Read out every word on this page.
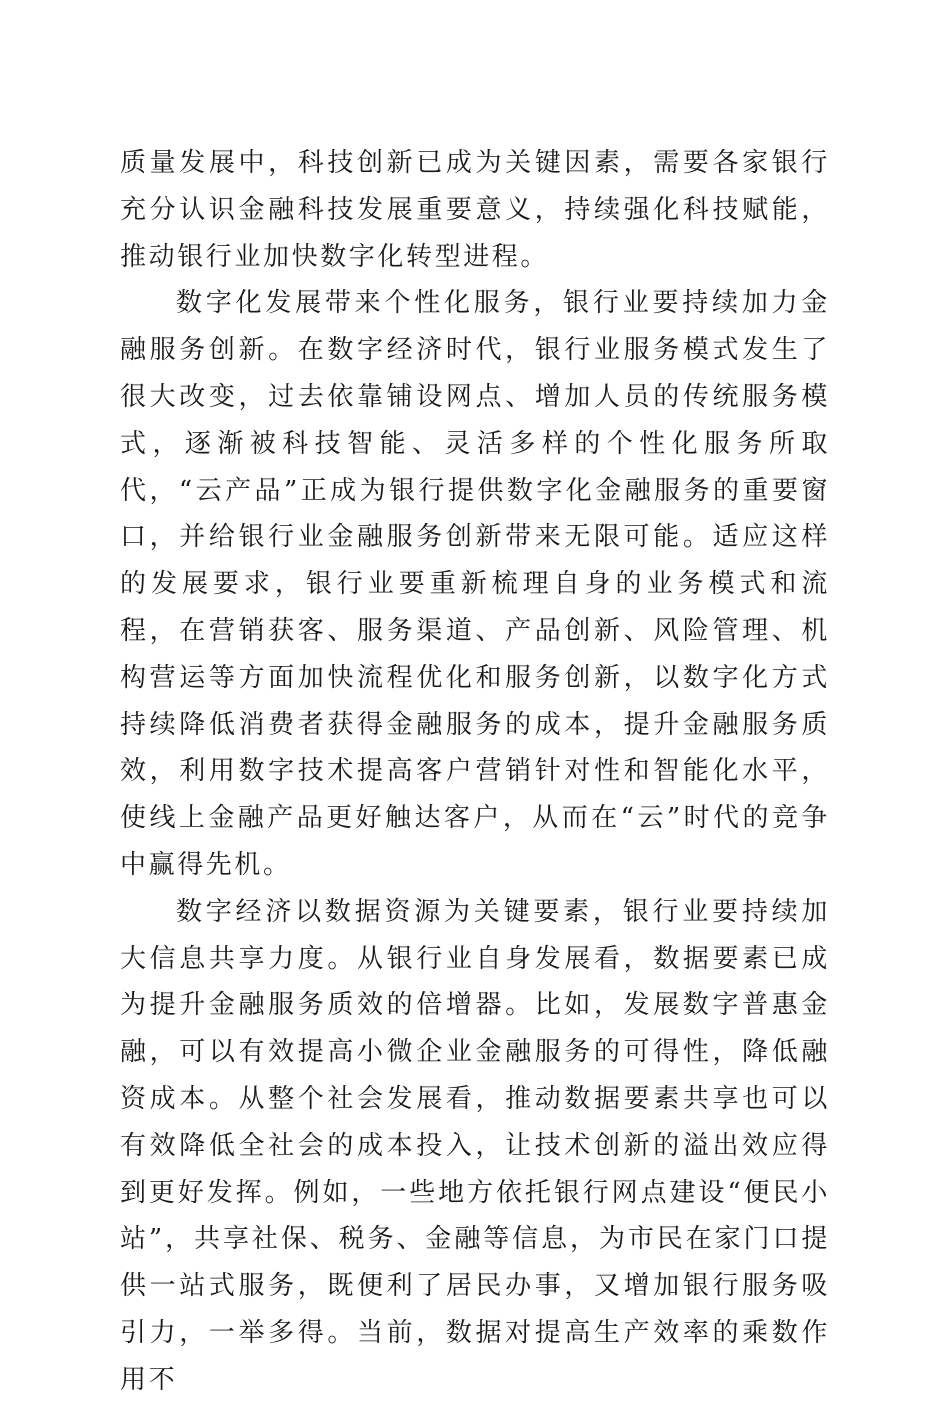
质量发展中，科技创新已成为关键因素，需要各家银行充分认识金融科技发展重要意义，持续强化科技赋能，推动银行业加快数字化转型进程。

数字化发展带来个性化服务，银行业要持续加力金融服务创新。在数字经济时代，银行业服务模式发生了很大改变，过去依靠铺设网点、增加人员的传统服务模式，逐渐被科技智能、灵活多样的个性化服务所取代，“云产品”正成为银行提供数字化金融服务的重要窗口，并给银行业金融服务创新带来无限可能。适应这样的发展要求，银行业要重新梳理自身的业务模式和流程，在营销获客、服务渠道、产品创新、风险管理、机构营运等方面加快流程优化和服务创新，以数字化方式持续降低消费者获得金融服务的成本，提升金融服务质效，利用数字技术提高客户营销针对性和智能化水平，使线上金融产品更好触达客户，从而在“云”时代的竞争中赢得先机。

数字经济以数据资源为关键要素，银行业要持续加大信息共享力度。从银行业自身发展看，数据要素已成为提升金融服务质效的倍增器。比如，发展数字普惠金融，可以有效提高小微企业金融服务的可得性，降低融资成本。从整个社会发展看，推动数据要素共享也可以有效降低全社会的成本投入，让技术创新的溢出效应得到更好发挥。例如，一些地方依托银行网点建设“便民小站”，共享社保、税务、金融等信息，为市民在家门口提供一站式服务，既便利了居民办事，又增加银行服务吸引力，一举多得。当前，数据对提高生产效率的乘数作用不
